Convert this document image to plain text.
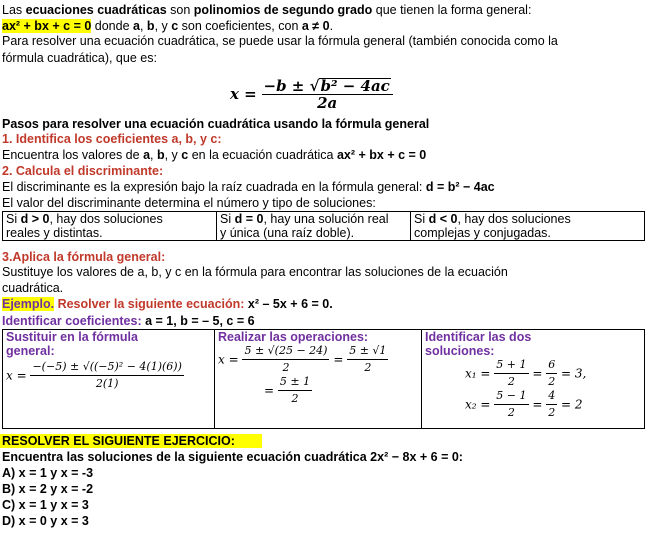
Las ecuaciones cuadráticas son polinomios de segundo grado que tienen la forma general:
ax² + bx + c = 0 donde a, b, y c son coeficientes, con a ≠ 0.
Para resolver una ecuación cuadrática, se puede usar la fórmula general (también conocida como la
fórmula cuadrática), que es:
$x = \frac{\text{−b ± √b² − 4ac}}{2a}$
Pasos para resolver una ecuación cuadrática usando la fórmula general
1. Identifica los coeficientes a, b, y c:
Encuentra los valores de a, b, y c en la ecuación cuadrática ax² + bx + c = 0
2. Calcula el discriminante:
El discriminante es la expresión bajo la raíz cuadrada en la fórmula general: d = b² − 4ac
El valor del discriminante determina el número y tipo de soluciones:
Si d > 0, hay dos soluciones
reales y distintas.	Si d = 0, hay una solución real
y única (una raíz doble).	Si d < 0, hay dos soluciones
complejas y conjugadas.
3.Aplica la fórmula general:
Sustituye los valores de a, b, y c en la fórmula para encontrar las soluciones de la ecuación
cuadrática.
Ejemplo. Resolver la siguiente ecuación: x² – 5x + 6 = 0.
Identificar coeficientes: a = 1, b = – 5, c = 6
Sustituir en la fórmula
general:
$x = \frac{\text{−(−5) ± √((−5)² − 4(1)(6))}}{2(1)}$
	Realizar las operaciones:
$x = \frac{5 \pm √(25 - 24)}{2} = \frac{5 \pm √1}{2}$
= $\frac{5 \pm 1}{2}$
	Identificar las dos
soluciones:
$x_1 = \frac{5 + 1}{2} = \frac{6}{2} = 3$,
$x_2 = \frac{5 - 1}{2} = \frac{4}{2} = 2$
RESOLVER EL SIGUIENTE EJERCICIO:
Encuentra las soluciones de la siguiente ecuación cuadrática 2x² − 8x + 6 = 0:
A) x = 1 y x = -3
B) x = 2 y x = -2
C) x = 1 y x = 3
D) x = 0 y x = 3
